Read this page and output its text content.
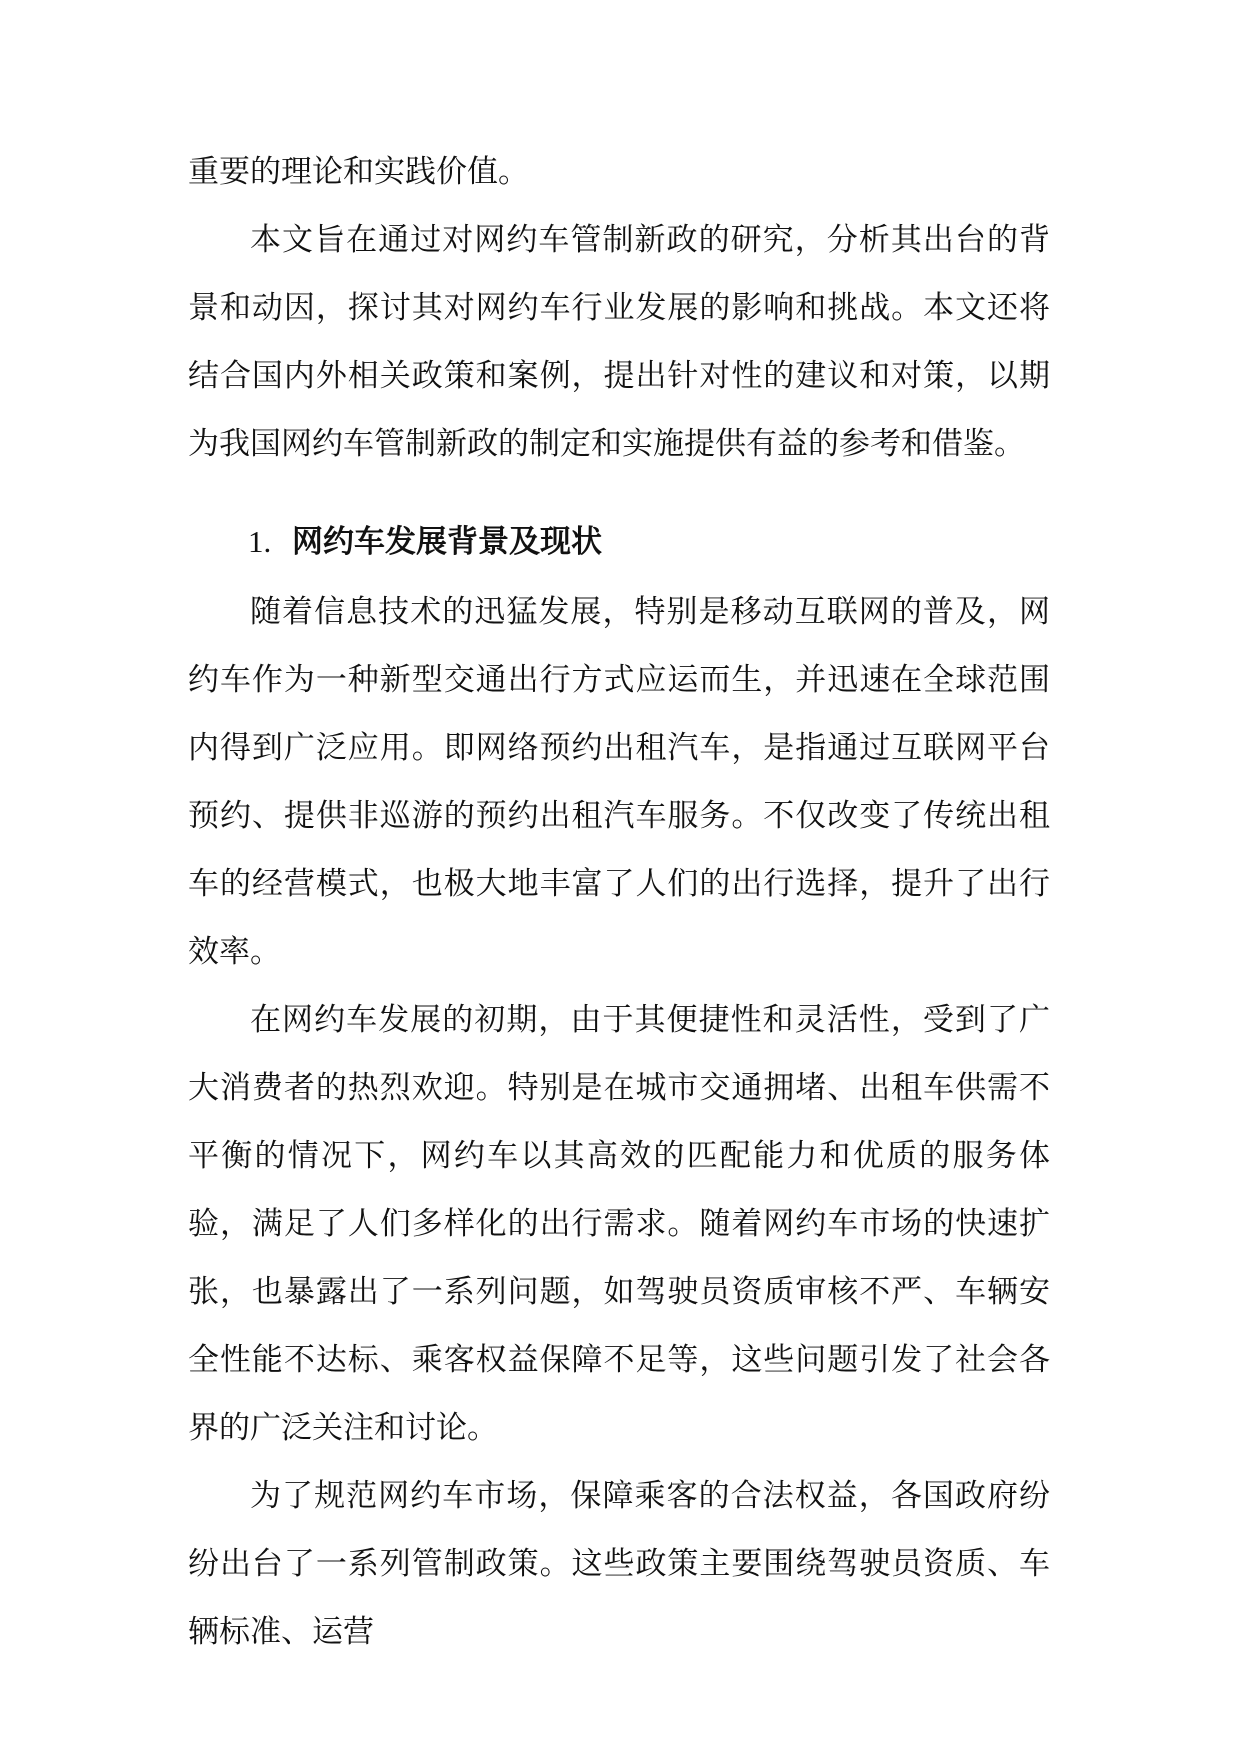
重要的理论和实践价值。

本文旨在通过对网约车管制新政的研究，分析其出台的背景和动因，探讨其对网约车行业发展的影响和挑战。本文还将结合国内外相关政策和案例，提出针对性的建议和对策，以期为我国网约车管制新政的制定和实施提供有益的参考和借鉴。

1. 网约车发展背景及现状

随着信息技术的迅猛发展，特别是移动互联网的普及，网约车作为一种新型交通出行方式应运而生，并迅速在全球范围内得到广泛应用。即网络预约出租汽车，是指通过互联网平台预约、提供非巡游的预约出租汽车服务。不仅改变了传统出租车的经营模式，也极大地丰富了人们的出行选择，提升了出行效率。

在网约车发展的初期，由于其便捷性和灵活性，受到了广大消费者的热烈欢迎。特别是在城市交通拥堵、出租车供需不平衡的情况下，网约车以其高效的匹配能力和优质的服务体验，满足了人们多样化的出行需求。随着网约车市场的快速扩张，也暴露出了一系列问题，如驾驶员资质审核不严、车辆安全性能不达标、乘客权益保障不足等，这些问题引发了社会各界的广泛关注和讨论。

为了规范网约车市场，保障乘客的合法权益，各国政府纷纷出台了一系列管制政策。这些政策主要围绕驾驶员资质、车辆标准、运营
